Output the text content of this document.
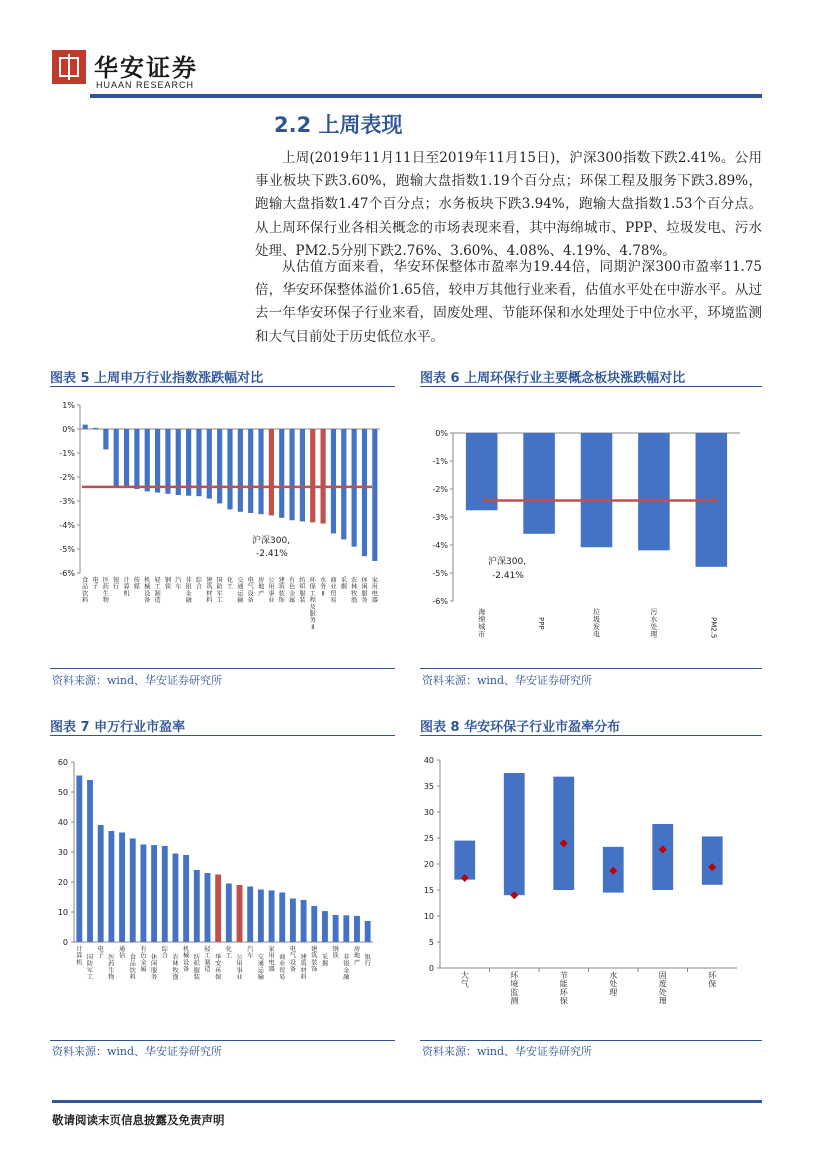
华安证券
HUAAN RESEARCH
2.2 上周表现
上周(2019年11月11日至2019年11月15日)，沪深300指数下跌2.41%。公用事业板块下跌3.60%，跑输大盘指数1.19个百分点；环保工程及服务下跌3.89%，跑输大盘指数1.47个百分点；水务板块下跌3.94%，跑输大盘指数1.53个百分点。从上周环保行业各相关概念的市场表现来看，其中海绵城市、PPP、垃圾发电、污水处理、PM2.5分别下跌2.76%、3.60%、4.08%、4.19%、4.78%。
从估值方面来看，华安环保整体市盈率为19.44倍，同期沪深300市盈率11.75倍，华安环保整体溢价1.65倍，较申万其他行业来看，估值水平处在中游水平。从过去一年华安环保子行业来看，固废处理、节能环保和水处理处于中位水平，环境监测和大气目前处于历史低位水平。
图表 5 上周申万行业指数涨跌幅对比
1%
0%
-1%
-2%
-3%
-4%
-5%
-6%
食品饮料
电子
医药生物
银行
计算机
传媒
机械设备
轻工制造
钢铁
汽车
非银金融
综合
建筑材料
国防军工
化工
交通运输
电气设备
房地产
公用事业
建筑装饰
有色金属
纺织服装
环保工程及服务 Ⅱ
水务 Ⅱ
商业贸易
采掘
农林牧渔
休闲服务
家用电器
沪深300,
-2.41%
资料来源：wind、华安证券研究所
图表 6 上周环保行业主要概念板块涨跌幅对比
0%
-1%
-2%
-3%
-4%
-5%
-6%
海绵城市
PPP
垃圾发电
污水处理	PM2.5
沪深300,
-2.41%
资料来源：wind、华安证券研究所
图表 7 申万行业市盈率
60
50
40
30
20
10
0
计算机
国防军工
电子 医药生物
通信 食品饮料
有色金属
休闲服务
综合 农林牧渔
机械设备
纺织服装
轻工制造
华安环保
化工 公用事业
汽车 交通运输
家用电器
商业贸易
电气设备
建筑材料
建筑装饰
采掘
钢铁 非银金融
房地产
银行
资料来源：wind、华安证券研究所
图表 8 华安环保子行业市盈率分布
40
35
30
25
20
15
10
5
0
大气
环境监测
节能环保
水处理
固废处理
环保
资料来源：wind、华安证券研究所
敬请阅读末页信息披露及免责声明
